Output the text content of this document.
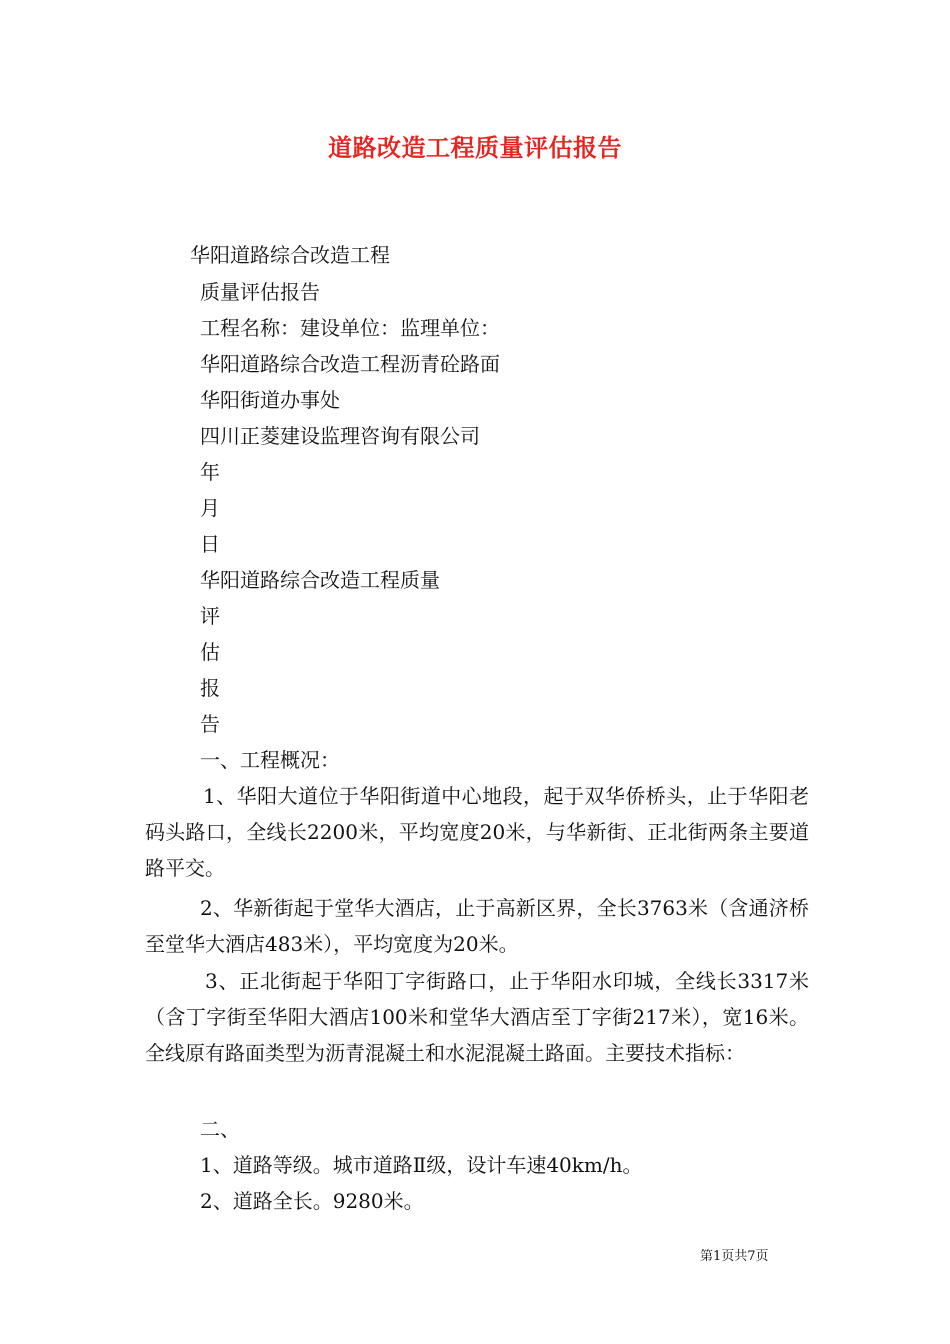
道路改造工程质量评估报告
华阳道路综合改造工程
质量评估报告
工程名称：建设单位：监理单位：
华阳道路综合改造工程沥青砼路面
华阳街道办事处
四川正菱建设监理咨询有限公司
年
月
日
华阳道路综合改造工程质量
评
估
报
告
一、工程概况：
1、华阳大道位于华阳街道中心地段，起于双华侨桥头，止于华阳老码头路口，全线长2200米，平均宽度20米，与华新街、正北街两条主要道路平交。
2、华新街起于堂华大酒店，止于高新区界，全长3763米（含通济桥至堂华大酒店483米），平均宽度为20米。
3、正北街起于华阳丁字街路口，止于华阳水印城，全线长3317米（含丁字街至华阳大酒店100米和堂华大酒店至丁字街217米），宽16米。全线原有路面类型为沥青混凝土和水泥混凝土路面。主要技术指标：
二、
1、道路等级。城市道路Ⅱ级，设计车速40km/h。
2、道路全长。9280米。
第1页共7页
